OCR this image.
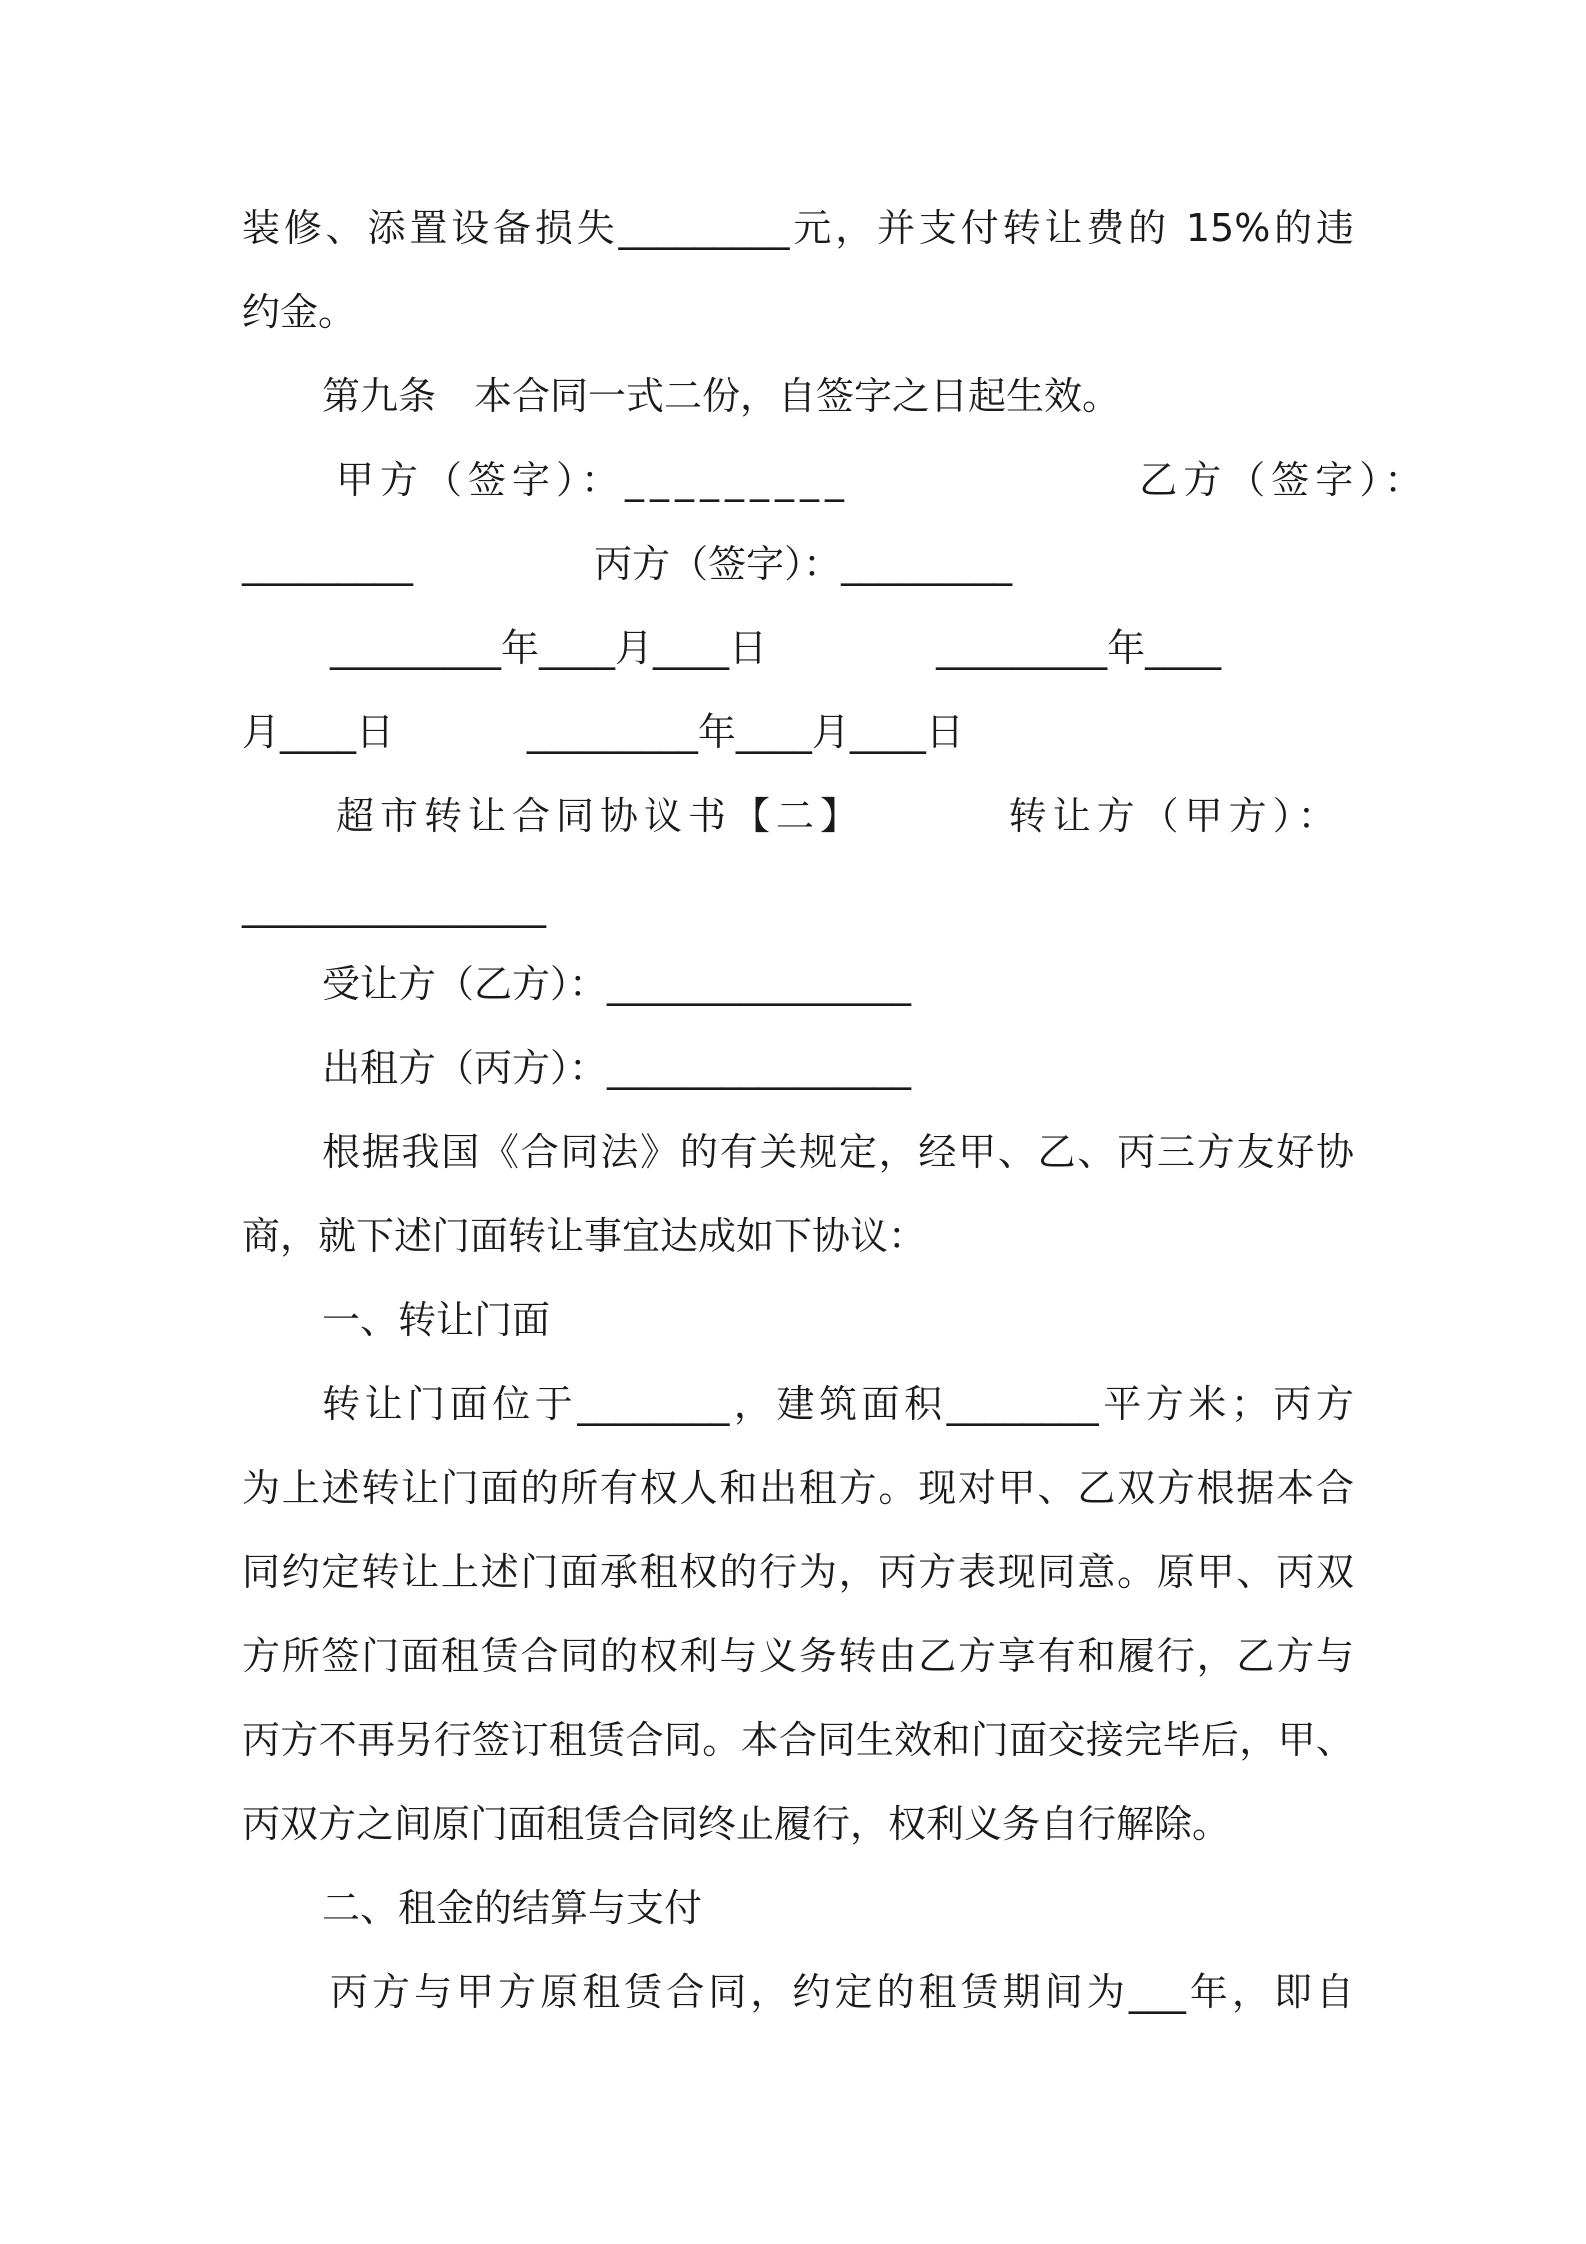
装修、添置设备损失_________元，并支付转让费的 15%的违
约金。
第九条　本合同一式二份，自签字之日起生效。
甲方（签字）：_________                乙方（签字）：
_________               丙方（签字）：_________
_________年____月____日              _________年____
月____日           _________年____月____日
超市转让合同协议书【二】        转让方（甲方）：
________________
受让方（乙方）：________________
出租方（丙方）：________________
根据我国《合同法》的有关规定，经甲、乙、丙三方友好协
商，就下述门面转让事宜达成如下协议：
一、转让门面
转让门面位于________，建筑面积________平方米；丙方
为上述转让门面的所有权人和出租方。现对甲、乙双方根据本合
同约定转让上述门面承租权的行为，丙方表现同意。原甲、丙双
方所签门面租赁合同的权利与义务转由乙方享有和履行，乙方与
丙方不再另行签订租赁合同。本合同生效和门面交接完毕后，甲、
丙双方之间原门面租赁合同终止履行，权利义务自行解除。
二、租金的结算与支付
丙方与甲方原租赁合同，约定的租赁期间为___年，即自
